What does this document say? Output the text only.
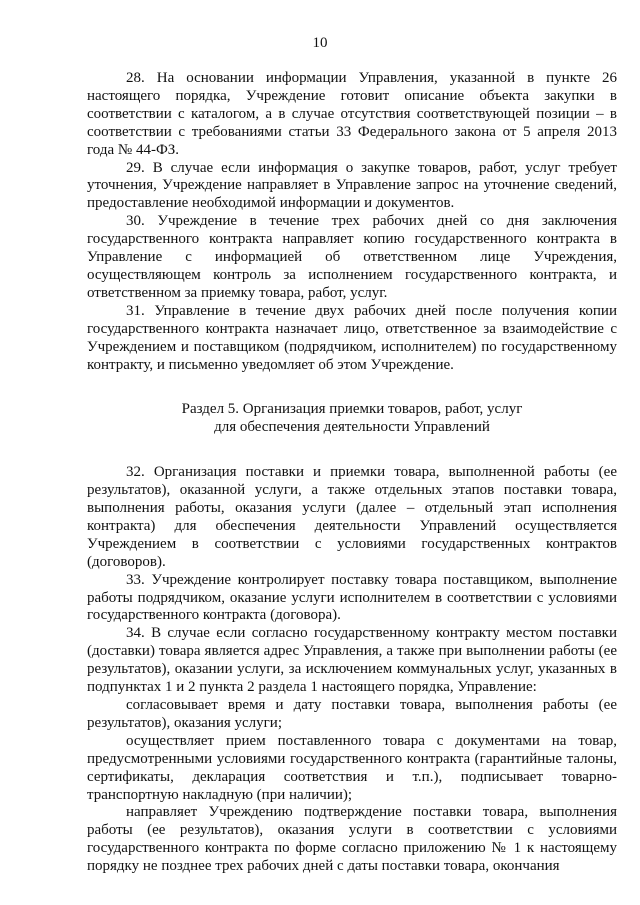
10

28. На основании информации Управления, указанной в пункте 26 настоящего порядка, Учреждение готовит описание объекта закупки в соответствии с каталогом, а в случае отсутствия соответствующей позиции – в соответствии с требованиями статьи 33 Федерального закона от 5 апреля 2013 года № 44-ФЗ.

29. В случае если информация о закупке товаров, работ, услуг требует уточнения, Учреждение направляет в Управление запрос на уточнение сведений, предоставление необходимой информации и документов.

30. Учреждение в течение трех рабочих дней со дня заключения государственного контракта направляет копию государственного контракта в Управление с информацией об ответственном лице Учреждения, осуществляющем контроль за исполнением государственного контракта, и ответственном за приемку товара, работ, услуг.

31. Управление в течение двух рабочих дней после получения копии государственного контракта назначает лицо, ответственное за взаимодействие с Учреждением и поставщиком (подрядчиком, исполнителем) по государственному контракту, и письменно уведомляет об этом Учреждение.

Раздел 5. Организация приемки товаров, работ, услуг
для обеспечения деятельности Управлений

32. Организация поставки и приемки товара, выполненной работы (ее результатов), оказанной услуги, а также отдельных этапов поставки товара, выполнения работы, оказания услуги (далее – отдельный этап исполнения контракта) для обеспечения деятельности Управлений осуществляется Учреждением в соответствии с условиями государственных контрактов (договоров).

33. Учреждение контролирует поставку товара поставщиком, выполнение работы подрядчиком, оказание услуги исполнителем в соответствии с условиями государственного контракта (договора).

34. В случае если согласно государственному контракту местом поставки (доставки) товара является адрес Управления, а также при выполнении работы (ее результатов), оказании услуги, за исключением коммунальных услуг, указанных в подпунктах 1 и 2 пункта 2 раздела 1 настоящего порядка, Управление:

согласовывает время и дату поставки товара, выполнения работы (ее результатов), оказания услуги;

осуществляет прием поставленного товара с документами на товар, предусмотренными условиями государственного контракта (гарантийные талоны, сертификаты, декларация соответствия и т.п.), подписывает товарно-транспортную накладную (при наличии);

направляет Учреждению подтверждение поставки товара, выполнения работы (ее результатов), оказания услуги в соответствии с условиями государственного контракта по форме согласно приложению № 1 к настоящему порядку не позднее трех рабочих дней с даты поставки товара, окончания
